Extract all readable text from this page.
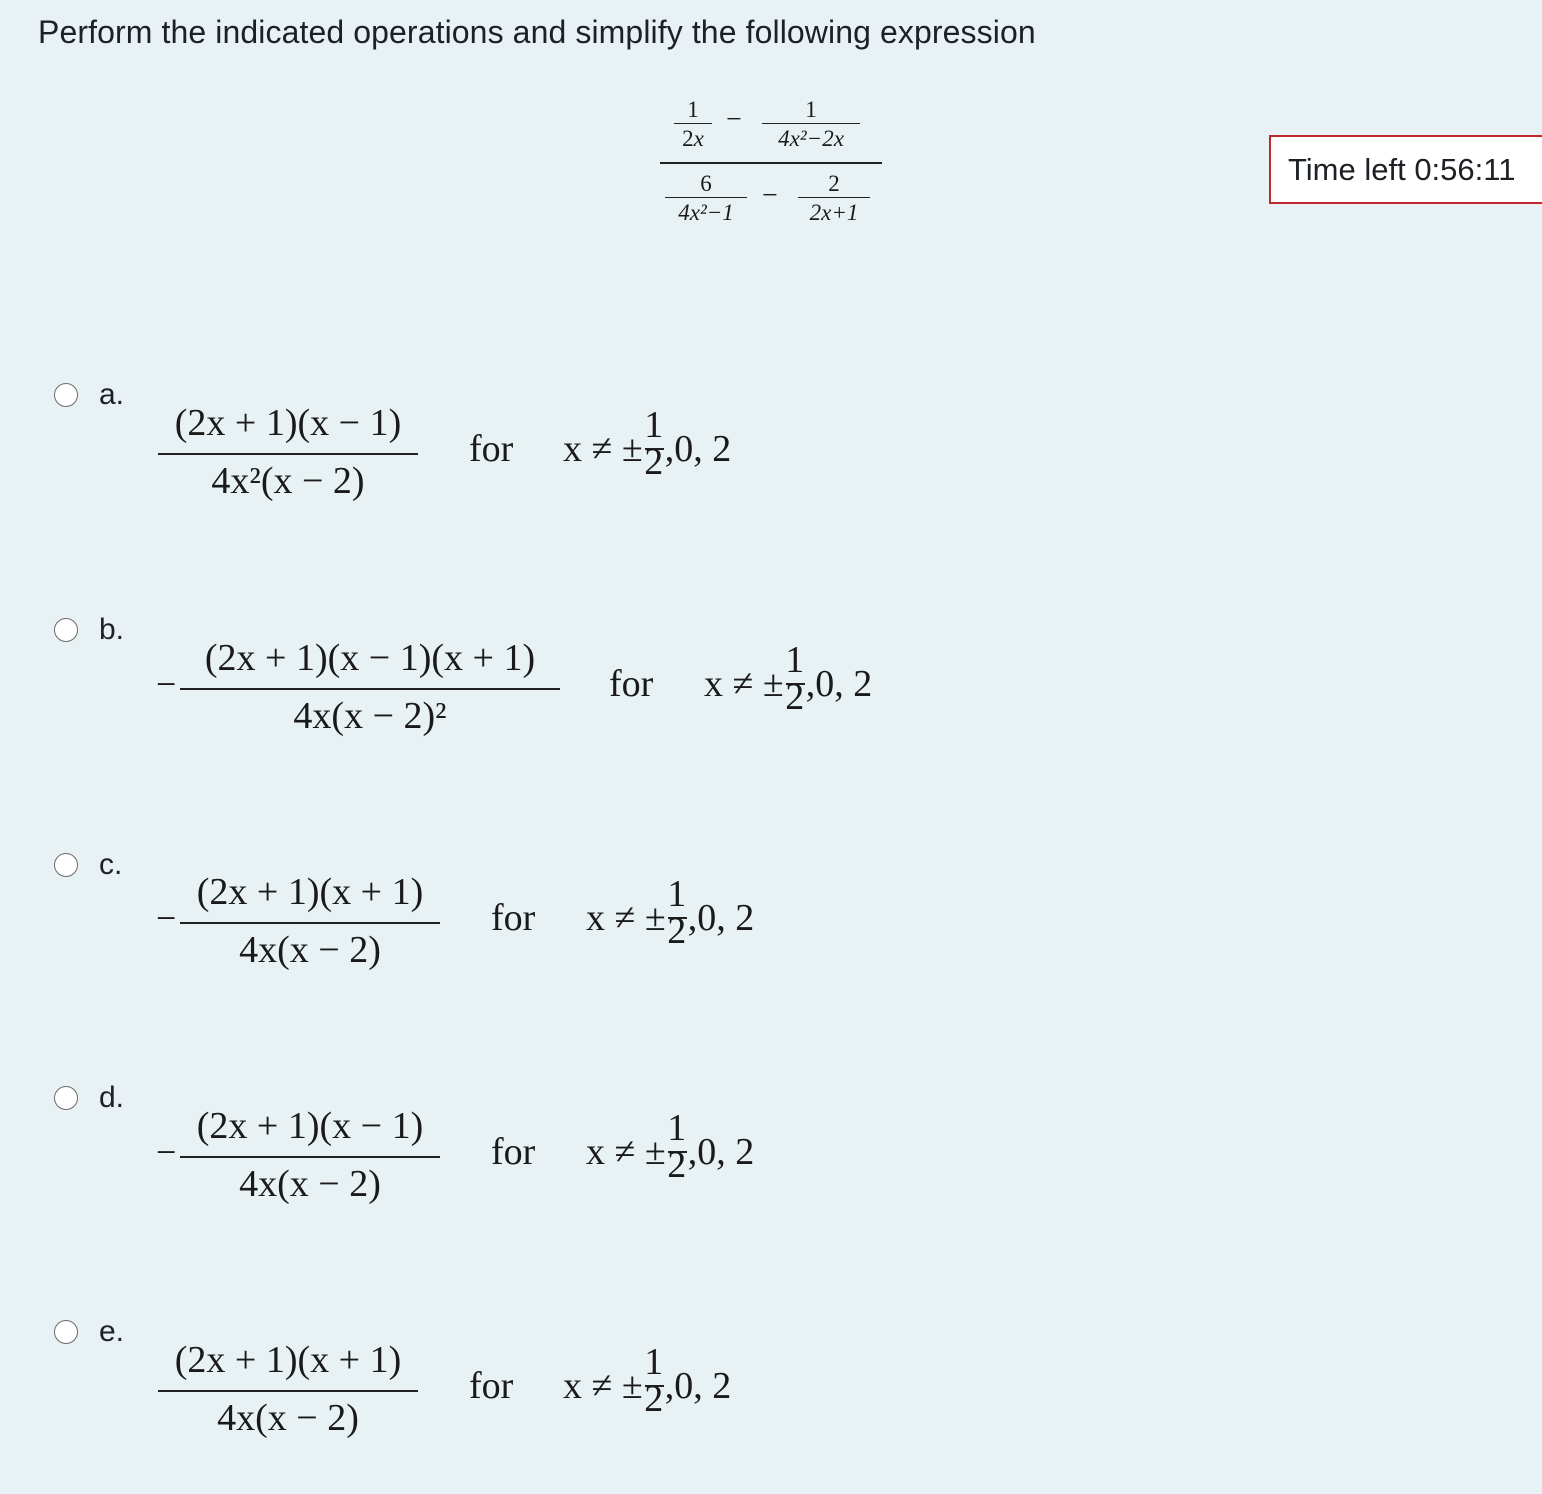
Perform the indicated operations and simplify the following expression
Time left 0:56:11
$\frac{1}{2x} - \frac{1}{\text{4x²−2x}}$
$\frac{6}{\text{4x²−1}} - \frac{2}{2x+1}$
a.
(2x + 1)(x − 1)
4x²(x − 2)
for x ≠ ± $\frac{1}{2} ,0$, 2
b.
−
(2x + 1)(x − 1)(x + 1)
4x(x − 2)²
for x ≠ ± $\frac{1}{2} ,0$, 2
c.
−
(2x + 1)(x + 1)
4x(x − 2)
for x ≠ ± $\frac{1}{2} ,0$, 2
d.
−
(2x + 1)(x − 1)
4x(x − 2)
for x ≠ ± $\frac{1}{2} ,0$, 2
e.
(2x + 1)(x + 1)
4x(x − 2)
for x ≠ ± $\frac{1}{2} ,0$, 2
